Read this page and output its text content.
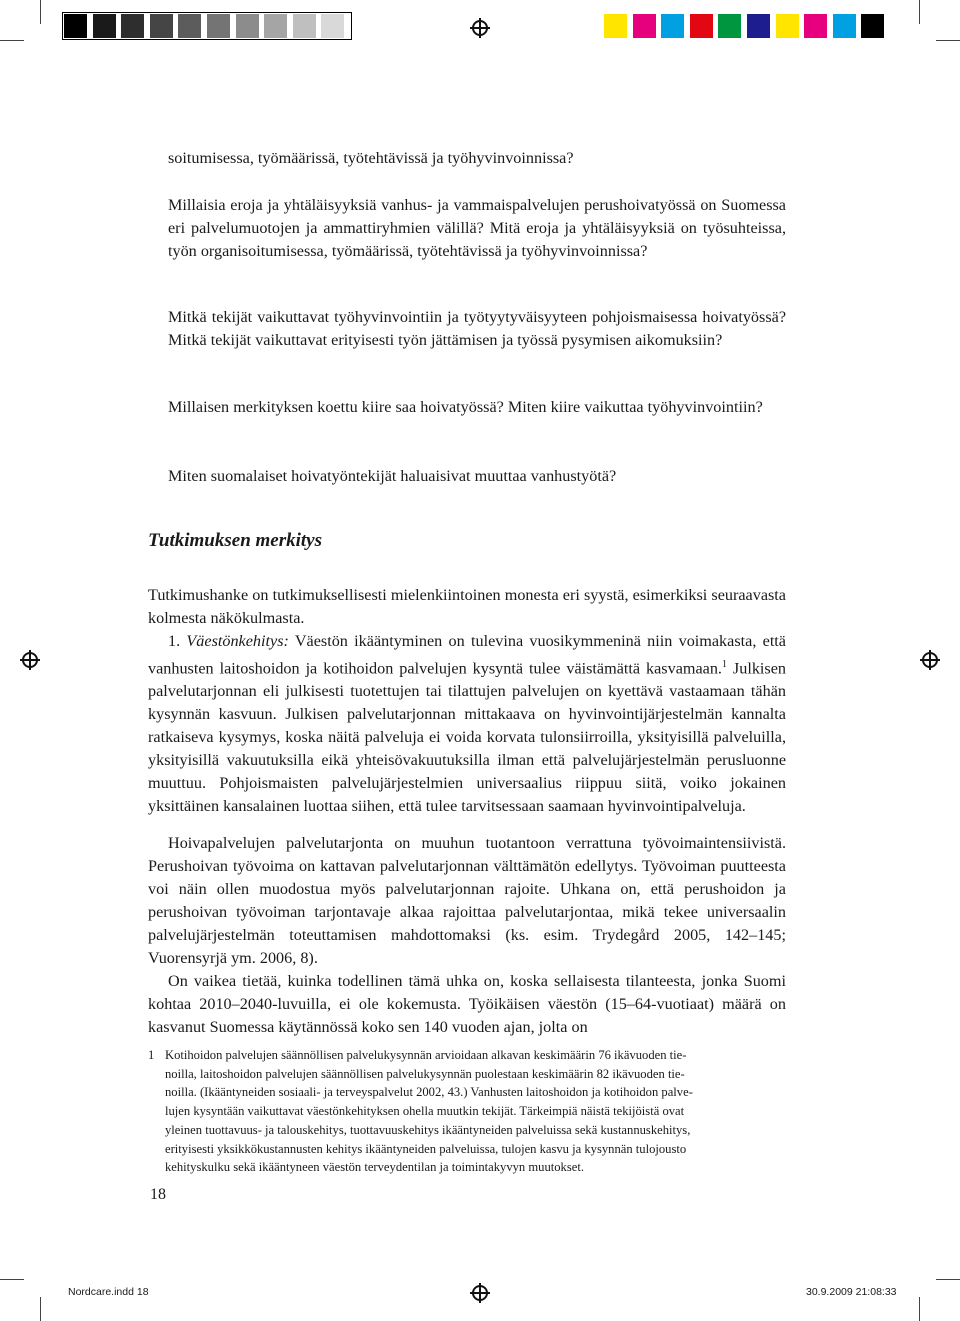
soitumisessa, työmäärissä, työtehtävissä ja työhyvinvoinnissa?

Millaisia eroja ja yhtäläisyyksiä vanhus- ja vammaispalvelujen perushoivatyössä on Suomessa eri palvelumuotojen ja ammattiryhmien välillä? Mitä eroja ja yhtäläisyyksiä on työsuhteissa, työn organisoitumisessa, työmäärissä, työtehtävissä ja työhyvinvoinnissa?

Mitkä tekijät vaikuttavat työhyvinvointiin ja työtyytyväisyyteen pohjoismaisessa hoivatyössä? Mitkä tekijät vaikuttavat erityisesti työn jättämisen ja työssä pysymisen aikomuksiin?

Millaisen merkityksen koettu kiire saa hoivatyössä? Miten kiire vaikuttaa työhyvinvointiin?

Miten suomalaiset hoivatyöntekijät haluaisivat muuttaa vanhustyötä?

Tutkimuksen merkitys

Tutkimushanke on tutkimuksellisesti mielenkiintoinen monesta eri syystä, esimerkiksi seuraavasta kolmesta näkökulmasta.

1. Väestönkehitys: Väestön ikääntyminen on tulevina vuosikymmeninä niin voimakasta, että vanhusten laitoshoidon ja kotihoidon palvelujen kysyntä tulee väistämättä kasvamaan.$^1$ Julkisen palvelutarjonnan eli julkisesti tuotettujen tai tilattujen palvelujen on kyettävä vastaamaan tähän kysynnän kasvuun. Julkisen palvelutarjonnan mittakaava on hyvinvointijärjestelmän kannalta ratkaiseva kysymys, koska näitä palveluja ei voida korvata tulonsiirroilla, yksityisillä palveluilla, yksityisillä vakuutuksilla eikä yhteisövakuutuksilla ilman että palvelujärjestelmän perusluonne muuttuu. Pohjoismaisten palvelujärjestelmien universaalius riippuu siitä, voiko jokainen yksittäinen kansalainen luottaa siihen, että tulee tarvitsessaan saamaan hyvinvointipalveluja.

Hoivapalvelujen palvelutarjonta on muuhun tuotantoon verrattuna työvoimaintensiivistä. Perushoivan työvoima on kattavan palvelutarjonnan välttämätön edellytys. Työvoiman puutteesta voi näin ollen muodostua myös palvelutarjonnan rajoite. Uhkana on, että perushoidon ja perushoivan työvoiman tarjontavaje alkaa rajoittaa palvelutarjontaa, mikä tekee universaalin palvelujärjestelmän toteuttamisen mahdottomaksi (ks. esim. Trydegård 2005, 142–145; Vuorensyrjä ym. 2006, 8).

On vaikea tietää, kuinka todellinen tämä uhka on, koska sellaisesta tilanteesta, jonka Suomi kohtaa 2010–2040-luvuilla, ei ole kokemusta. Työikäisen väestön (15–64-vuotiaat) määrä on kasvanut Suomessa käytännössä koko sen 140 vuoden ajan, jolta on

1 Kotihoidon palvelujen säännöllisen palvelukysynnän arvioidaan alkavan keskimäärin 76 ikävuoden tie-
noilla, laitoshoidon palvelujen säännöllisen palvelukysynnän puolestaan keskimäärin 82 ikävuoden tie-
noilla. (Ikääntyneiden sosiaali- ja terveyspalvelut 2002, 43.) Vanhusten laitoshoidon ja kotihoidon palve-
lujen kysyntään vaikuttavat väestönkehityksen ohella muutkin tekijät. Tärkeimpiä näistä tekijöistä ovat
yleinen tuottavuus- ja talouskehitys, tuottavuuskehitys ikääntyneiden palveluissa sekä kustannuskehitys,
erityisesti yksikkökustannusten kehitys ikääntyneiden palveluissa, tulojen kasvu ja kysynnän tulojousto
kehityskulku sekä ikääntyneen väestön terveydentilan ja toimintakyvyn muutokset.
18
Nordcare.indd 18	30.9.2009 21:08:33
